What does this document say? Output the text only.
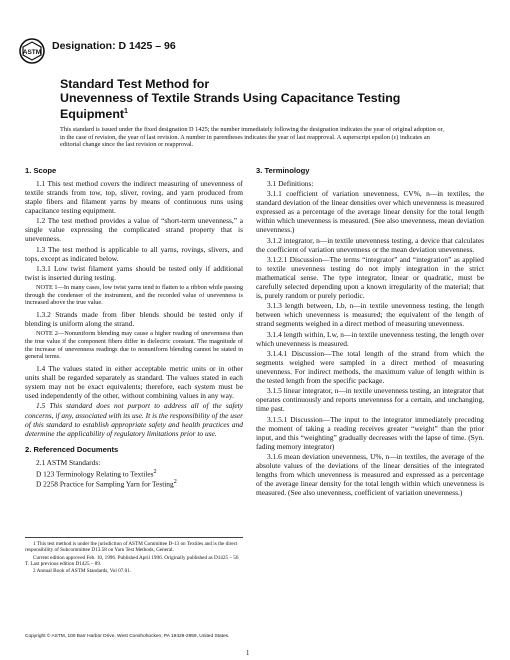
ASTM
Designation: D 1425 – 96
Standard Test Method for
Unevenness of Textile Strands Using Capacitance Testing
Equipment$^1$
This standard is issued under the fixed designation D 1425; the number immediately following the designation indicates the year of original adoption or, in the case of revision, the year of last revision. A number in parentheses indicates the year of last reapproval. A superscript epsilon (ε) indicates an editorial change since the last revision or reapproval.
1. Scope

1.1 This test method covers the indirect measuring of unevenness of textile strands from tow, top, sliver, roving, and yarn produced from staple fibers and filament yarns by means of continuous runs using capacitance testing equipment.

1.2 The test method provides a value of “short-term unevenness,” a single value expressing the complicated strand property that is unevenness.

1.3 The test method is applicable to all yarns, rovings, slivers, and tops, except as indicated below.

1.3.1 Low twist filament yarns should be tested only if additional twist is inserted during testing.

NOTE 1—In many cases, low twist yarns tend to flatten to a ribbon while passing through the condenser of the instrument, and the recorded value of unevenness is increased above the true value.

1.3.2 Strands made from fiber blends should be tested only if blending is uniform along the strand.

NOTE 2—Nonuniform blending may cause a higher reading of unevenness than the true value if the component fibers differ in dielectric constant. The magnitude of the increase of unevenness readings due to nonuniform blending cannot be stated in general terms.

1.4 The values stated in either acceptable metric units or in other units shall be regarded separately as standard. The values stated in each system may not be exact equivalents; therefore, each system must be used independently of the other, without combining values in any way.

1.5 This standard does not purport to address all of the safety concerns, if any, associated with its use. It is the responsibility of the user of this standard to establish appropriate safety and health practices and determine the applicability of regulatory limitations prior to use.

2. Referenced Documents

2.1 ASTM Standards:

D 123 Terminology Relating to Textiles$^2$

D 2258 Practice for Sampling Yarn for Testing$^2$

1 This test method is under the jurisdiction of ASTM Committee D-13 on Textiles and is the direct responsibility of Subcommittee D13.58 on Yarn Test Methods, General.

Current edition approved Feb. 10, 1996. Published April 1996. Originally published as D1425 – 56 T. Last previous edition D1425 – 89.

2 Annual Book of ASTM Standards, Vol 07.01.

3. Terminology

3.1 Definitions:

3.1.1 coefficient of variation unevenness, CV%, n—in textiles, the standard deviation of the linear densities over which unevenness is measured expressed as a percentage of the average linear density for the total length within which unevenness is measured. (See also unevenness, mean deviation unevenness.)

3.1.2 integrator, n—in textile unevenness testing, a device that calculates the coefficient of variation unevenness or the mean deviation unevenness.

3.1.2.1 Discussion—The terms “integrator” and “integration” as applied to textile unevenness testing do not imply integration in the strict mathematical sense. The type integrator, linear or quadratic, must be carefully selected depending upon a known irregularity of the material; that is, purely random or purely periodic.

3.1.3 length between, Lb, n—in textile unevenness testing, the length between which unevenness is measured; the equivalent of the length of strand segments weighed in a direct method of measuring unevenness.

3.1.4 length within, Lw, n—in textile unevenness testing, the length over which unevenness is measured.

3.1.4.1 Discussion—The total length of the strand from which the segments weighed were sampled in a direct method of measuring unevenness. For indirect methods, the maximum value of length within is the tested length from the specific package.

3.1.5 linear integrator, n—in textile unevenness testing, an integrator that operates continuously and reports unevenness for a certain, and unchanging, time past.

3.1.5.1 Discussion—The input to the integrator immediately preceding the moment of taking a reading receives greater “weight” than the prior input, and this “weighting” gradually decreases with the lapse of time. (Syn. fading memory integrator)

3.1.6 mean deviation unevenness, U%, n—in textiles, the average of the absolute values of the deviations of the linear densities of the integrated lengths from which unevenness is measured and expressed as a percentage of the average linear density for the total length within which unevenness is measured. (See also unevenness, coefficient of variation unevenness.)

Copyright © ASTM, 100 Barr Harbor Drive, West Conshohocken, PA 19428-2959, United States.
1
